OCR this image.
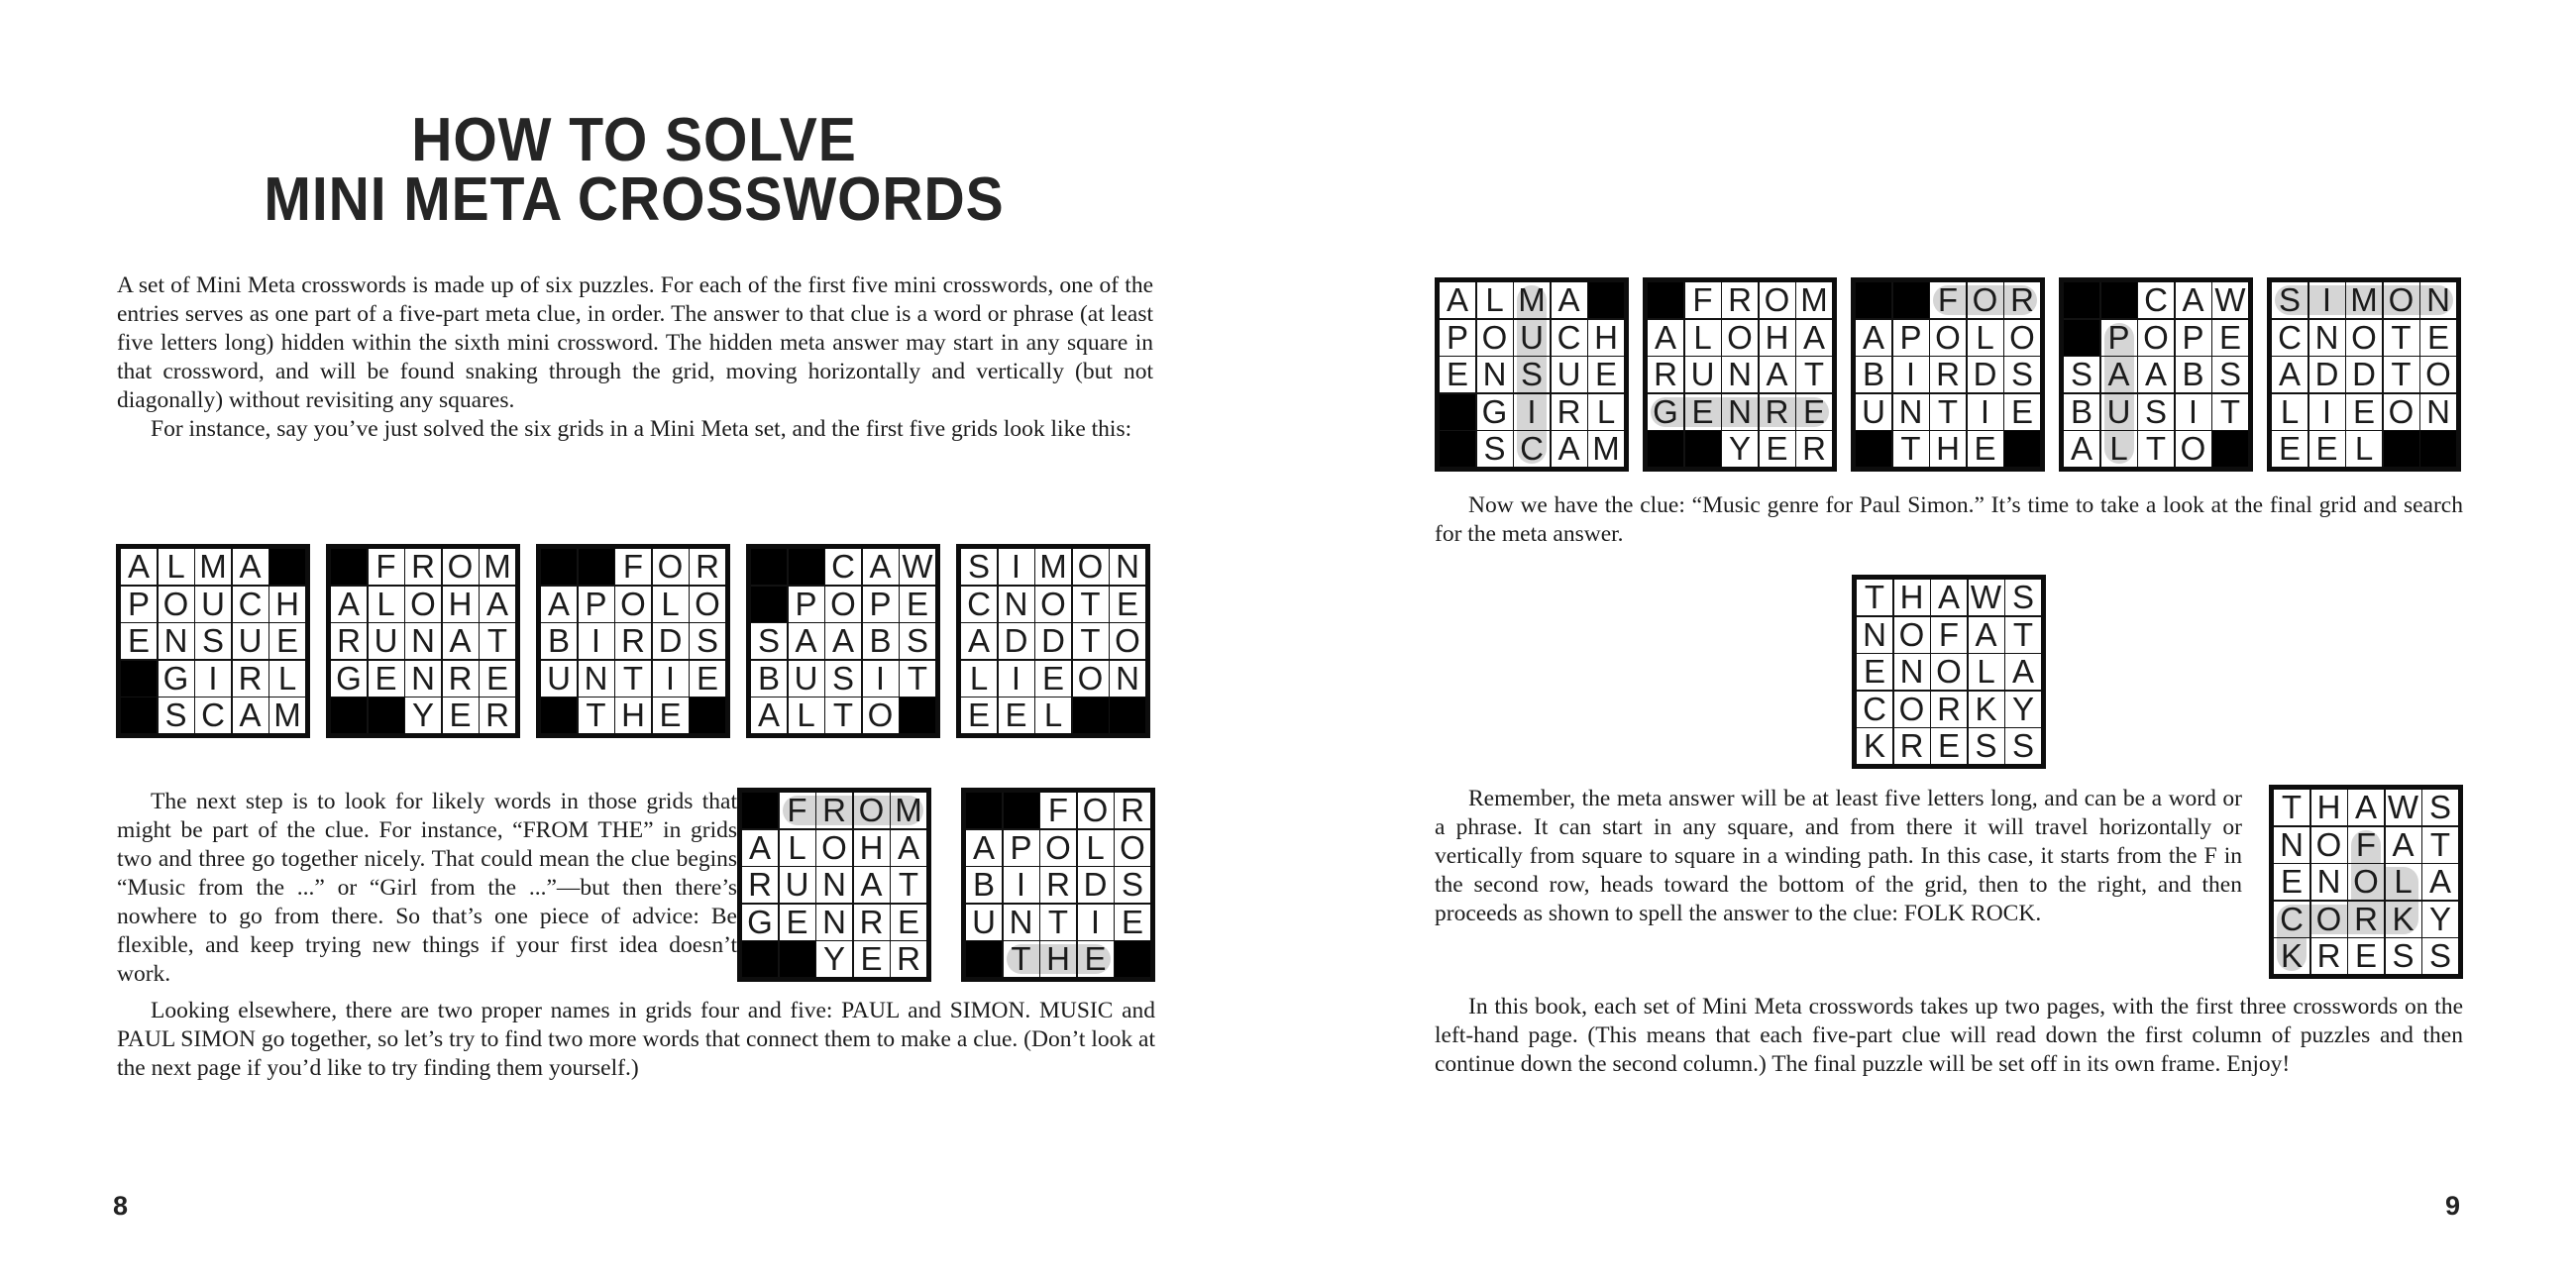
HOW TO SOLVE
MINI META CROSSWORDS

A set of Mini Meta crosswords is made up of six puzzles. For each of the first five mini crosswords, one of the entries serves as one part of a five-part meta clue, in order. The answer to that clue is a word or phrase (at least five letters long) hidden within the sixth mini crossword. The hidden meta answer may start in any square in that crossword, and will be found snaking through the grid, moving horizontally and vertically (but not diagonally) without revisiting any squares.

For instance, say you’ve just solved the six grids in a Mini Meta set, and the first five grids look like this:

A L M A
P O U C H
E N S U E
G I R L
S C A M
F R O M
A L O H A
R U N A T
G E N R E
Y E R
F O R
A P O L O
B I R D S
U N T I E
T H E
C A W
P O P E
S A A B S
B U S I T
A L T O
S I M O N
C N O T E
A D D T O
L I E O N
E E L

The next step is to look for likely words in those grids that might be part of the clue. For instance, “FROM THE” in grids two and three go together nicely. That could mean the clue begins “Music from the ...” or “Girl from the ...”—but then there’s nowhere to go from there. So that’s one piece of advice: Be flexible, and keep trying new things if your first idea doesn’t work.

F R O M
A L O H A
R U N A T
G E N R E
Y E R
F O R
A P O L O
B I R D S
U N T I E
T H E

Looking elsewhere, there are two proper names in grids four and five: PAUL and SIMON. MUSIC and PAUL SIMON go together, so let’s try to find two more words that connect them to make a clue. (Don’t look at the next page if you’d like to try finding them yourself.)

8
A L M A
P O U C H
E N S U E
G I R L
S C A M
F R O M
A L O H A
R U N A T
G E N R E
Y E R
F O R
A P O L O
B I R D S
U N T I E
T H E
C A W
P O P E
S A A B S
B U S I T
A L T O
S I M O N
C N O T E
A D D T O
L I E O N
E E L

Now we have the clue: “Music genre for Paul Simon.” It’s time to take a look at the final grid and search for the meta answer.

T H A W S
N O F A T
E N O L A
C O R K Y
K R E S S

Remember, the meta answer will be at least five letters long, and can be a word or a phrase. It can start in any square, and from there it will travel horizontally or vertically from square to square in a winding path. In this case, it starts from the F in the second row, heads toward the bottom of the grid, then to the right, and then proceeds as shown to spell the answer to the clue: FOLK ROCK.

T H A W S
N O F A T
E N O L A
C O R K Y
K R E S S

In this book, each set of Mini Meta crosswords takes up two pages, with the first three crosswords on the left-hand page. (This means that each five-part clue will read down the first column of puzzles and then continue down the second column.) The final puzzle will be set off in its own frame. Enjoy!

9
